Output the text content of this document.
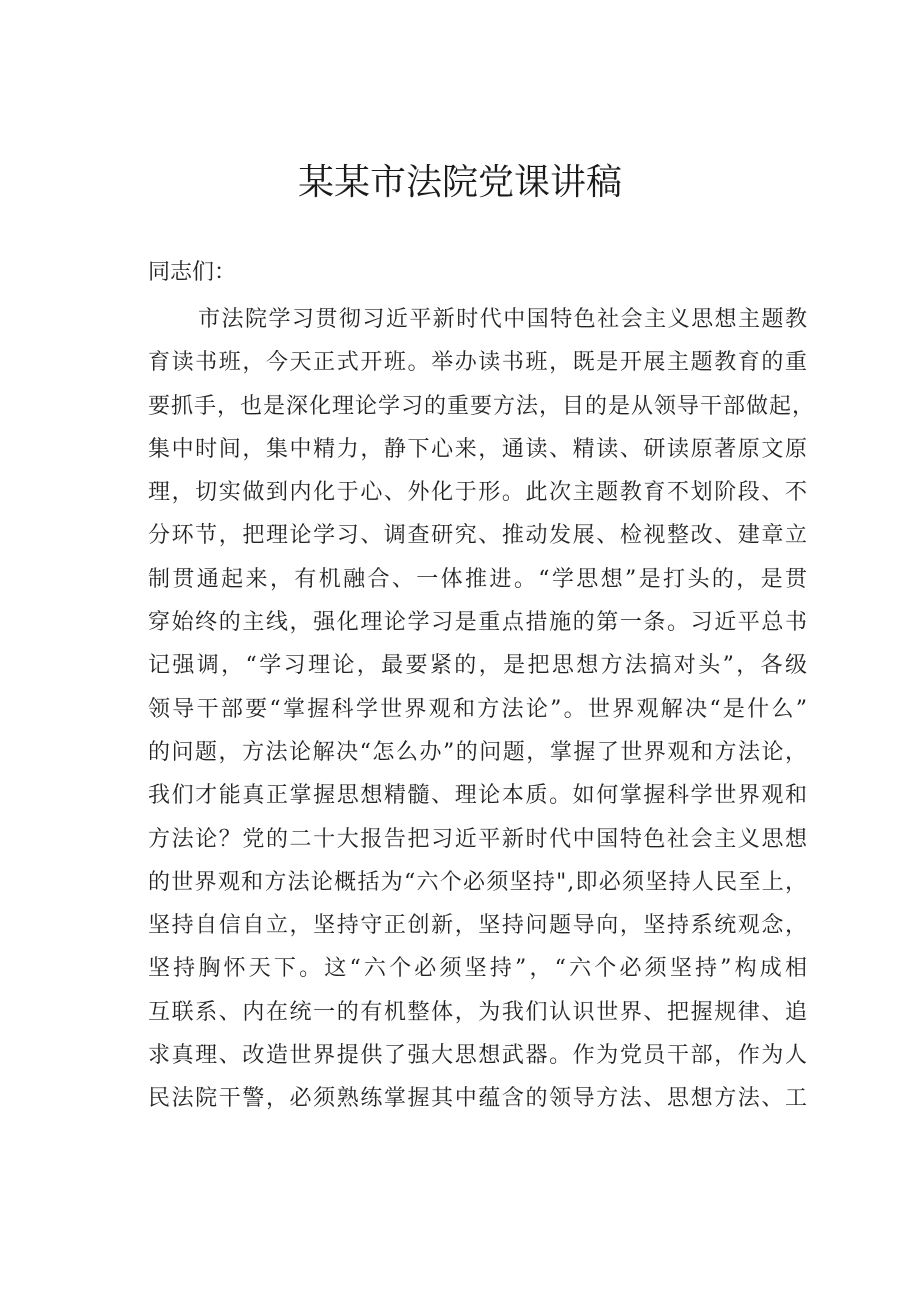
某某市法院党课讲稿

同志们：

市法院学习贯彻习近平新时代中国特色社会主义思想主题教
育读书班，今天正式开班。举办读书班，既是开展主题教育的重
要抓手，也是深化理论学习的重要方法，目的是从领导干部做起，
集中时间，集中精力，静下心来，通读、精读、研读原著原文原
理，切实做到内化于心、外化于形。此次主题教育不划阶段、不
分环节，把理论学习、调查研究、推动发展、检视整改、建章立
制贯通起来，有机融合、一体推进。“学思想”是打头的，是贯
穿始终的主线，强化理论学习是重点措施的第一条。习近平总书
记强调，“学习理论，最要紧的，是把思想方法搞对头”，各级
领导干部要“掌握科学世界观和方法论”。世界观解决“是什么”
的问题，方法论解决“怎么办”的问题，掌握了世界观和方法论，
我们才能真正掌握思想精髓、理论本质。如何掌握科学世界观和
方法论？党的二十大报告把习近平新时代中国特色社会主义思想
的世界观和方法论概括为“六个必须坚持",即必须坚持人民至上，
坚持自信自立，坚持守正创新，坚持问题导向，坚持系统观念，
坚持胸怀天下。这“六个必须坚持”，“六个必须坚持”构成相
互联系、内在统一的有机整体，为我们认识世界、把握规律、追
求真理、改造世界提供了强大思想武器。作为党员干部，作为人
民法院干警，必须熟练掌握其中蕴含的领导方法、思想方法、工
